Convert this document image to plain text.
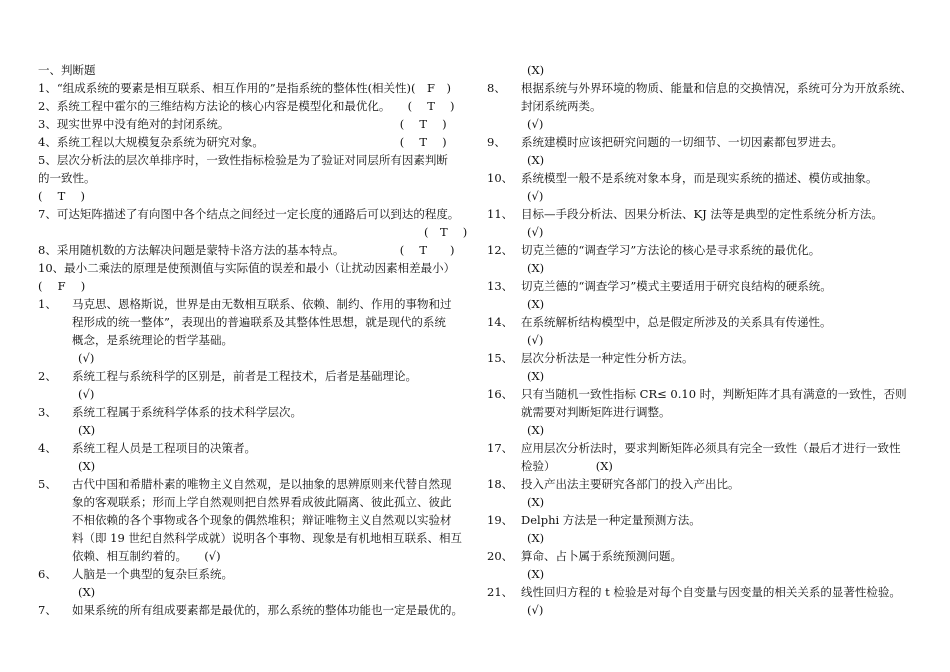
一、判断题
1、“组成系统的要素是相互联系、相互作用的”是指系统的整体性(相关性)(　F　)
2、系统工程中霍尔的三维结构方法论的核心内容是模型化和最优化。　　(　 T　 )
3、现实世界中没有绝对的封闭系统。　　　　　　　　　　　　　　　 (　 T　 )
4、系统工程以大规模复杂系统为研究对象。　　　　　　　　　　　　 (　 T　 )
5、层次分析法的层次单排序时，一致性指标检验是为了验证对同层所有因素判断
的一致性。
(　 T　 )
7、可达矩阵描述了有向图中各个结点之间经过一定长度的通路后可以到达的程度。
(　T　 )
8、采用随机数的方法解决问题是蒙特卡洛方法的基本特点。　　　　　 (　 T　　)
10、最小二乘法的原理是使预测值与实际值的误差和最小（让扰动因素相差最小）
(　 F　 )
1、 马克思、恩格斯说，世界是由无数相互联系、依赖、制约、作用的事物和过
程形成的统一整体”，表现出的普遍联系及其整体性思想，就是现代的系统
概念，是系统理论的哲学基础。
(√)
2、 系统工程与系统科学的区别是，前者是工程技术，后者是基础理论。
(√)
3、 系统工程属于系统科学体系的技术科学层次。
(X)
4、 系统工程人员是工程项目的决策者。
(X)
5、 古代中国和希腊朴素的唯物主义自然观，是以抽象的思辨原则来代替自然现
象的客观联系；形而上学自然观则把自然界看成彼此隔离、彼此孤立、彼此
不相依赖的各个事物或各个现象的偶然堆积；辩证唯物主义自然观以实验材
料（即 19 世纪自然科学成就）说明各个事物、现象是有机地相互联系、相互
依赖、相互制约着的。　　(√)
6、 人脑是一个典型的复杂巨系统。
(X)
7、 如果系统的所有组成要素都是最优的，那么系统的整体功能也一定是最优的。
(X)
8、 根据系统与外界环境的物质、能量和信息的交换情况，系统可分为开放系统、
封闭系统两类。
(√)
9、 系统建模时应该把研究问题的一切细节、一切因素都包罗进去。
(X)
10、 系统模型一般不是系统对象本身，而是现实系统的描述、模仿或抽象。
(√)
11、 目标—手段分析法、因果分析法、KJ 法等是典型的定性系统分析方法。
(√)
12、 切克兰德的“调查学习”方法论的核心是寻求系统的最优化。
(X)
13、 切克兰德的“调查学习”模式主要适用于研究良结构的硬系统。
(X)
14、 在系统解析结构模型中，总是假定所涉及的关系具有传递性。
(√)
15、 层次分析法是一种定性分析方法。
(X)
16、 只有当随机一致性指标 CR≤ 0.10 时，判断矩阵才具有满意的一致性，否则
就需要对判断矩阵进行调整。
(X)
17、 应用层次分析法时，要求判断矩阵必须具有完全一致性（最后才进行一致性
检验）　　　　(X)
18、 投入产出法主要研究各部门的投入产出比。
(X)
19、 Delphi 方法是一种定量预测方法。
(X)
20、 算命、占卜属于系统预测问题。
(X)
21、 线性回归方程的 t 检验是对每个自变量与因变量的相关关系的显著性检验。
(√)
